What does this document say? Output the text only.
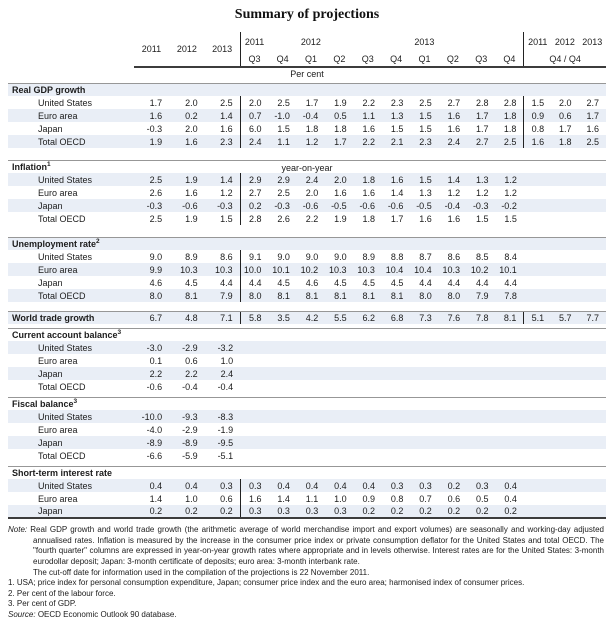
Summary of projections
	2011	2012	2013	2011		2012				2013				2011	2012	2013
				Q3	Q4	Q1	Q2	Q3	Q4	Q1	Q2	Q3	Q4	Q4 / Q4		
Per cent																

Real GDP growth																
United States	1.7	2.0	2.5	2.0	2.5	1.7	1.9	2.2	2.3	2.5	2.7	2.8	2.8	1.5	2.0	2.7
Euro area	1.6	0.2	1.4	0.7	-1.0	-0.4	0.5	1.1	1.3	1.5	1.6	1.7	1.8	0.9	0.6	1.7
Japan	-0.3	2.0	1.6	6.0	1.5	1.8	1.8	1.6	1.5	1.5	1.6	1.7	1.8	0.8	1.7	1.6
Total OECD	1.9	1.6	2.3	2.4	1.1	1.2	1.7	2.2	2.1	2.3	2.4	2.7	2.5	1.6	1.8	2.5

Inflation$^1$ year-on-year																

United States	2.5	1.9	1.4	2.9	2.9	2.4	2.0	1.8	1.6	1.5	1.4	1.3	1.2			
Euro area	2.6	1.6	1.2	2.7	2.5	2.0	1.6	1.6	1.4	1.3	1.2	1.2	1.2			
Japan	-0.3	-0.6	-0.3	0.2	-0.3	-0.6	-0.5	-0.6	-0.6	-0.5	-0.4	-0.3	-0.2			
Total OECD	2.5	1.9	1.5	2.8	2.6	2.2	1.9	1.8	1.7	1.6	1.6	1.5	1.5			

Unemployment rate$^2$
United States	9.0	8.9	8.6	9.1	9.0	9.0	9.0	8.9	8.8	8.7	8.6	8.5	8.4			
Euro area	9.9	10.3	10.3	10.0	10.1	10.2	10.3	10.3	10.4	10.4	10.3	10.2	10.1			
Japan	4.6	4.5	4.4	4.4	4.5	4.6	4.5	4.5	4.5	4.4	4.4	4.4	4.4			
Total OECD	8.0	8.1	7.9	8.0	8.1	8.1	8.1	8.1	8.1	8.0	8.0	7.9	7.8			

World trade growth	6.7	4.8	7.1	5.8	3.5	4.2	5.5	6.2	6.8	7.3	7.6	7.8	8.1	5.1	5.7	7.7

Current account balance$^3$
United States	-3.0	-2.9	-3.2													
Euro area	0.1	0.6	1.0													
Japan	2.2	2.2	2.4													
Total OECD	-0.6	-0.4	-0.4													

Fiscal balance$^3$
United States	-10.0	-9.3	-8.3													
Euro area	-4.0	-2.9	-1.9													
Japan	-8.9	-8.9	-9.5													
Total OECD	-6.6	-5.9	-5.1													

Short-term interest rate																
United States	0.4	0.4	0.3	0.3	0.4	0.4	0.4	0.4	0.3	0.3	0.2	0.3	0.4			
Euro area	1.4	1.0	0.6	1.6	1.4	1.1	1.0	0.9	0.8	0.7	0.6	0.5	0.4			
Japan	0.2	0.2	0.2	0.3	0.3	0.3	0.3	0.2	0.2	0.2	0.2	0.2	0.2			

Note: Real GDP growth and world trade growth (the arithmetic average of world merchandise import and export volumes) are seasonally and working-day adjusted annualised rates. Inflation is measured by the increase in the consumer price index or private consumption deflator for the United States and total OECD. The "fourth quarter" columns are expressed in year-on-year growth rates where appropriate and in levels otherwise. Interest rates are for the United States: 3-month eurodollar deposit; Japan: 3-month certificate of deposits; euro area: 3-month interbank rate.

The cut-off date for information used in the compilation of the projections is 22 November 2011.

1. USA; price index for personal consumption expenditure, Japan; consumer price index and the euro area; harmonised index of consumer prices.

2. Per cent of the labour force.

3. Per cent of GDP.

Source: OECD Economic Outlook 90 database.
